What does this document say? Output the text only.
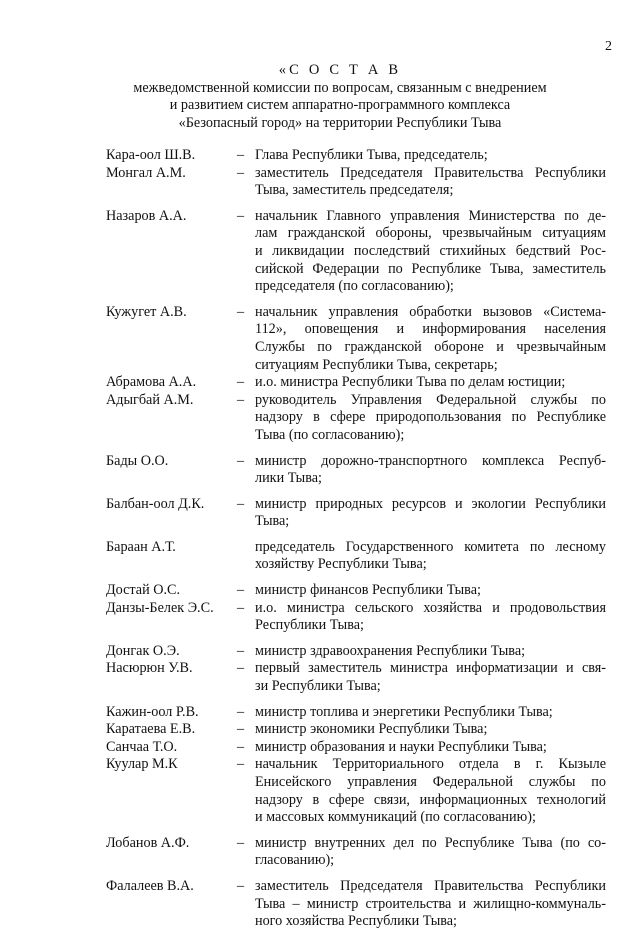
2
«С О С Т А В
межведомственной комиссии по вопросам, связанным с внедрением
и развитием систем аппаратно-программного комплекса
«Безопасный город» на территории Республики Тыва
Кара-оол Ш.В.	– Глава Республики Тыва, председатель;
Монгал А.М.	– заместитель Председателя Правительства Республики
Тыва, заместитель председателя;
Назаров А.А.	– начальник Главного управления Министерства по де-
лам гражданской обороны, чрезвычайным ситуациям
и ликвидации последствий стихийных бедствий Рос-
сийской Федерации по Республике Тыва, заместитель
председателя (по согласованию);
Кужугет А.В.	– начальник управления обработки вызовов «Система-
112», оповещения и информирования населения
Службы по гражданской обороне и чрезвычайным
ситуациям Республики Тыва, секретарь;
Абрамова А.А.	– и.о. министра Республики Тыва по делам юстиции;
Адыгбай А.М.	– руководитель Управления Федеральной службы по
надзору в сфере природопользования по Республике
Тыва (по согласованию);
Бады О.О.	– министр дорожно-транспортного комплекса Респуб-
лики Тыва;
Балбан-оол Д.К.	– министр природных ресурсов и экологии Республики
Тыва;
Бараан А.Т.	председатель Государственного комитета по лесному
хозяйству Республики Тыва;
Достай О.С.	– министр финансов Республики Тыва;
Данзы-Белек Э.С.	– и.о. министра сельского хозяйства и продовольствия
Республики Тыва;
Донгак О.Э.	– министр здравоохранения Республики Тыва;
Насюрюн У.В.	– первый заместитель министра информатизации и свя-
зи Республики Тыва;
Кажин-оол Р.В.	– министр топлива и энергетики Республики Тыва;
Каратаева Е.В.	– министр экономики Республики Тыва;
Санчаа Т.О.	– министр образования и науки Республики Тыва;
Куулар М.К	– начальник Территориального отдела в г. Кызыле
Енисейского управления Федеральной службы по
надзору в сфере связи, информационных технологий
и массовых коммуникаций (по согласованию);
Лобанов А.Ф.	– министр внутренних дел по Республике Тыва (по со-
гласованию);
Фалалеев В.А.	– заместитель Председателя Правительства Республики
Тыва – министр строительства и жилищно-коммуналь-
ного хозяйства Республики Тыва;
